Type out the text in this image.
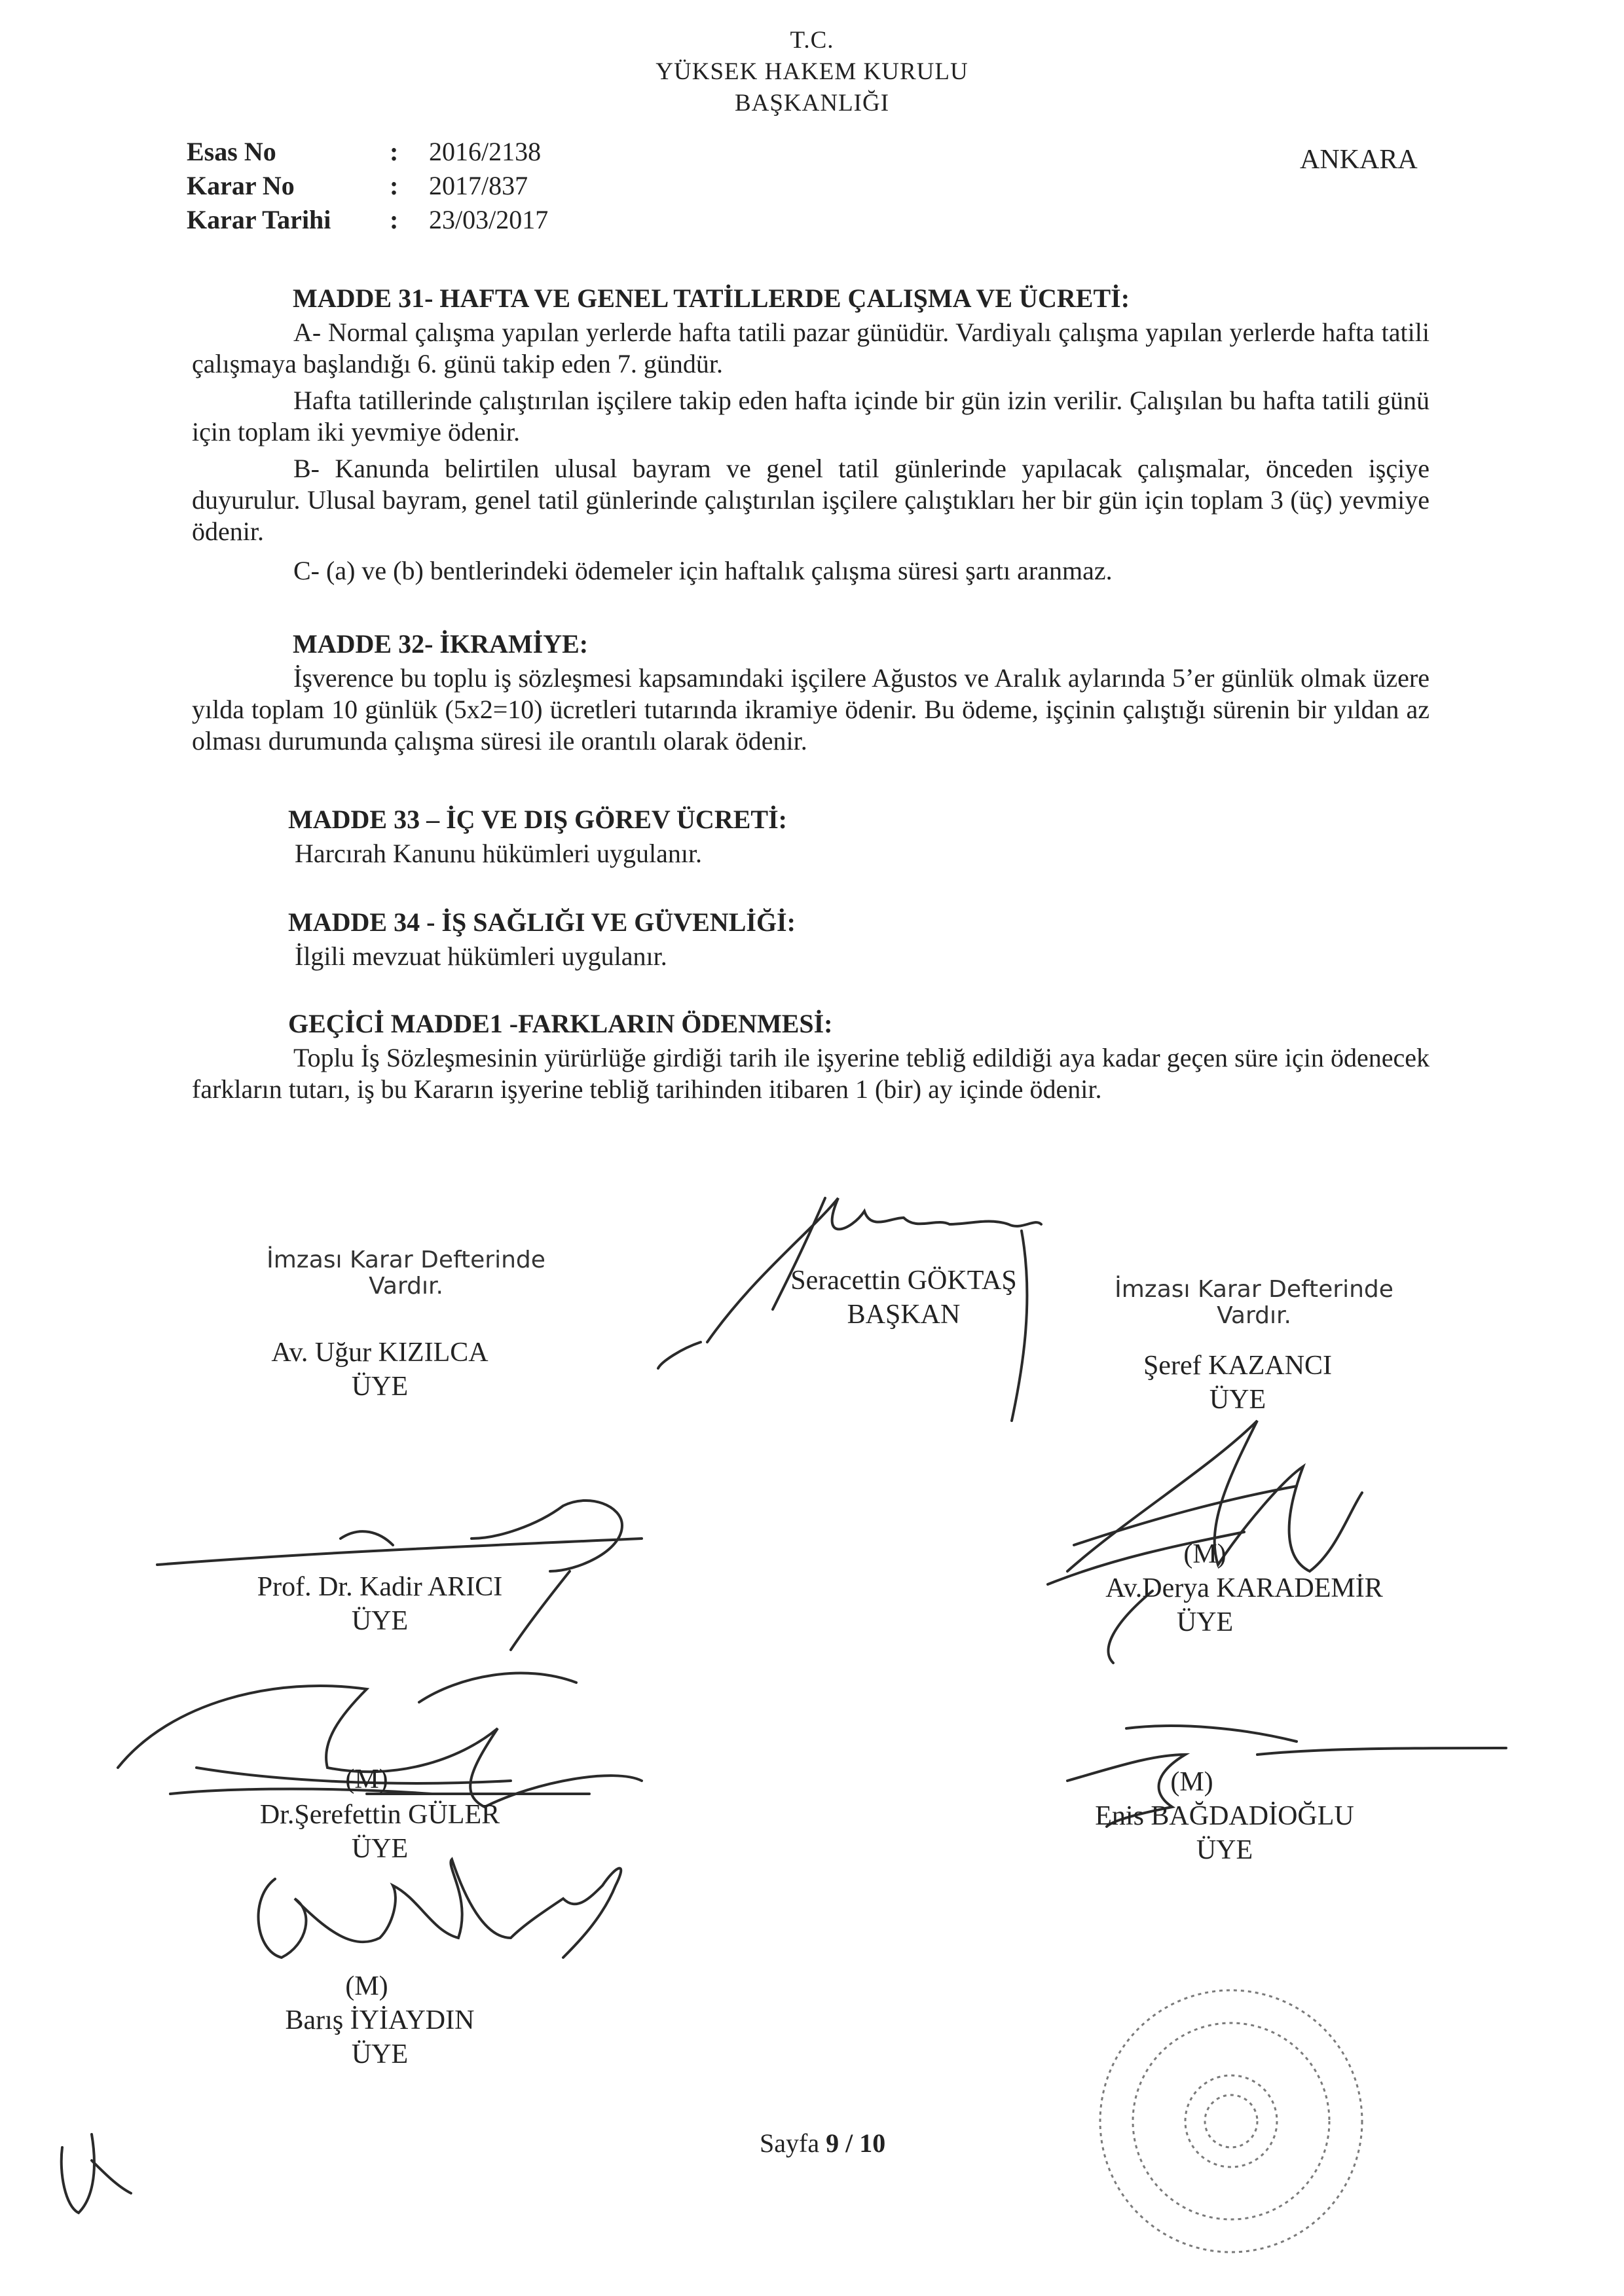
T.C.
YÜKSEK HAKEM KURULU
BAŞKANLIĞI
ANKARA
Esas No	: 2016/2138
Karar No	: 2017/837
Karar Tarihi : 23/03/2017
MADDE 31- HAFTA VE GENEL TATİLLERDE ÇALIŞMA VE ÜCRETİ:
A- Normal çalışma yapılan yerlerde hafta tatili pazar günüdür. Vardiyalı çalışma yapılan yerlerde hafta tatili çalışmaya başlandığı 6. günü takip eden 7. gündür.
Hafta tatillerinde çalıştırılan işçilere takip eden hafta içinde bir gün izin verilir. Çalışılan bu hafta tatili günü için toplam iki yevmiye ödenir.
B- Kanunda belirtilen ulusal bayram ve genel tatil günlerinde yapılacak çalışmalar, önceden işçiye duyurulur. Ulusal bayram, genel tatil günlerinde çalıştırılan işçilere çalıştıkları her bir gün için toplam 3 (üç) yevmiye ödenir.
C- (a) ve (b) bentlerindeki ödemeler için haftalık çalışma süresi şartı aranmaz.
MADDE 32- İKRAMİYE:
İşverence bu toplu iş sözleşmesi kapsamındaki işçilere Ağustos ve Aralık aylarında 5’er günlük olmak üzere yılda toplam 10 günlük (5x2=10) ücretleri tutarında ikramiye ödenir. Bu ödeme, işçinin çalıştığı sürenin bir yıldan az olması durumunda çalışma süresi ile orantılı olarak ödenir.
MADDE 33 – İÇ VE DIŞ GÖREV ÜCRETİ:
Harcırah Kanunu hükümleri uygulanır.
MADDE 34 - İŞ SAĞLIĞI VE GÜVENLİĞİ:
İlgili mevzuat hükümleri uygulanır.
GEÇİCİ MADDE1 -FARKLARIN ÖDENMESİ:
Toplu İş Sözleşmesinin yürürlüğe girdiği tarih ile işyerine tebliğ edildiği aya kadar geçen süre için ödenecek farkların tutarı, iş bu Kararın işyerine tebliğ tarihinden itibaren 1 (bir) ay içinde ödenir.
İmzası Karar Defterinde Vardır.
Av. Uğur KIZILCA
ÜYE
Seracettin GÖKTAŞ
BAŞKAN
İmzası Karar Defterinde Vardır.
Şeref KAZANCI
ÜYE
Prof. Dr. Kadir ARICI
ÜYE
(M)
Av.Derya KARADEMİR
ÜYE
(M)
Dr.Şerefettin GÜLER
ÜYE
(M)
Enis BAĞDADİOĞLU
ÜYE
(M)
Barış İYİAYDIN
ÜYE
Sayfa 9 / 10
